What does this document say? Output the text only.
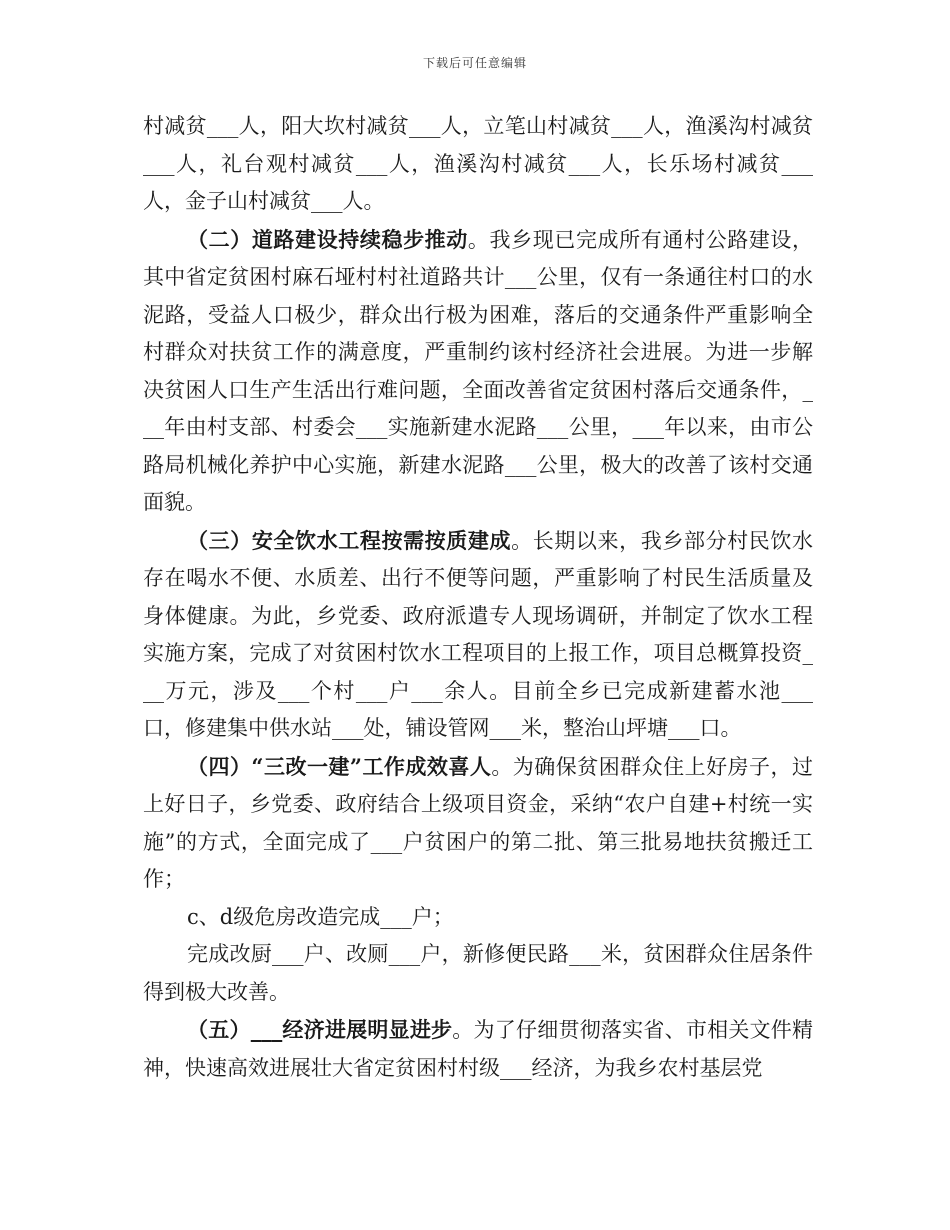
下载后可任意编辑

村减贫___人，阳大坎村减贫___人，立笔山村减贫___人，渔溪沟村减贫___人，礼台观村减贫___人，渔溪沟村减贫___人，长乐场村减贫___人，金子山村减贫___人。

（二）道路建设持续稳步推动。我乡现已完成所有通村公路建设，其中省定贫困村麻石垭村村社道路共计___公里，仅有一条通往村口的水泥路，受益人口极少，群众出行极为困难，落后的交通条件严重影响全村群众对扶贫工作的满意度，严重制约该村经济社会进展。为进一步解决贫困人口生产生活出行难问题，全面改善省定贫困村落后交通条件，___年由村支部、村委会___实施新建水泥路___公里，___年以来，由市公路局机械化养护中心实施，新建水泥路___公里，极大的改善了该村交通面貌。

（三）安全饮水工程按需按质建成。长期以来，我乡部分村民饮水存在喝水不便、水质差、出行不便等问题，严重影响了村民生活质量及身体健康。为此，乡党委、政府派遣专人现场调研，并制定了饮水工程实施方案，完成了对贫困村饮水工程项目的上报工作，项目总概算投资___万元，涉及___个村___户___余人。目前全乡已完成新建蓄水池___口，修建集中供水站___处，铺设管网___米，整治山坪塘___口。

（四）“三改一建”工作成效喜人。为确保贫困群众住上好房子，过上好日子，乡党委、政府结合上级项目资金，采纳“农户自建+村统一实施”的方式，全面完成了___户贫困户的第二批、第三批易地扶贫搬迁工作；

c、d级危房改造完成___户；

完成改厨___户、改厕___户，新修便民路___米，贫困群众住居条件得到极大改善。

（五）___经济进展明显进步。为了仔细贯彻落实省、市相关文件精神，快速高效进展壮大省定贫困村村级___经济，为我乡农村基层党
